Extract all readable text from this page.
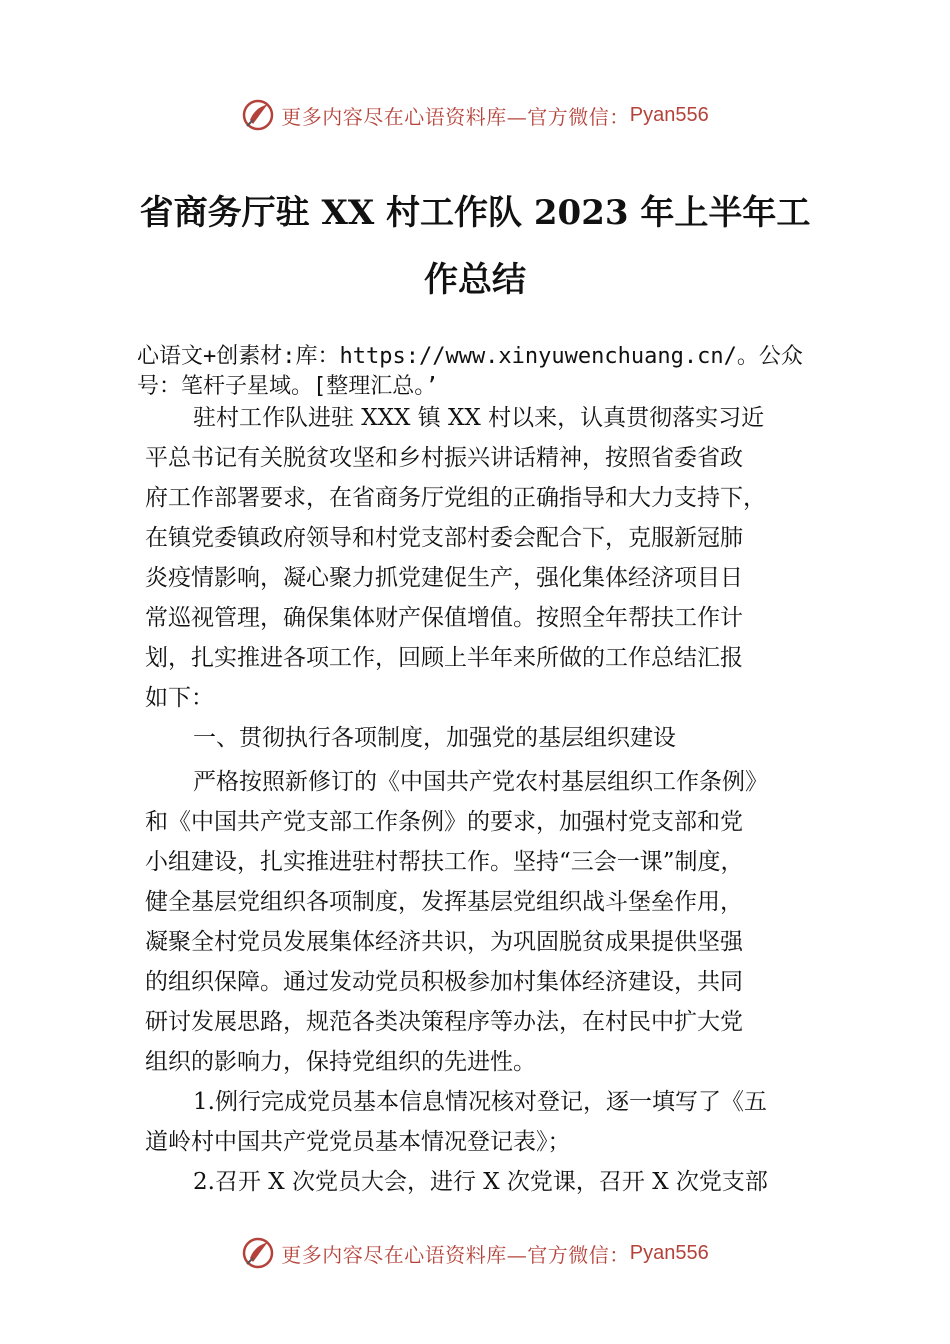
更多内容尽在心语资料库—官方微信： Pyan556
省商务厅驻 XX 村工作队 2023 年上半年工
作总结
心语文+创素材:库：https://www.xinyuwenchuang.cn/。公众
号：笔杆子星域。[整理汇总。’
驻村工作队进驻 XXX 镇 XX 村以来，认真贯彻落实习近
平总书记有关脱贫攻坚和乡村振兴讲话精神，按照省委省政
府工作部署要求，在省商务厅党组的正确指导和大力支持下，
在镇党委镇政府领导和村党支部村委会配合下，克服新冠肺
炎疫情影响，凝心聚力抓党建促生产，强化集体经济项目日
常巡视管理，确保集体财产保值增值。按照全年帮扶工作计
划，扎实推进各项工作，回顾上半年来所做的工作总结汇报
如下：
一、贯彻执行各项制度，加强党的基层组织建设
严格按照新修订的《中国共产党农村基层组织工作条例》
和《中国共产党支部工作条例》的要求，加强村党支部和党
小组建设，扎实推进驻村帮扶工作。坚持“三会一课”制度，
健全基层党组织各项制度，发挥基层党组织战斗堡垒作用，
凝聚全村党员发展集体经济共识，为巩固脱贫成果提供坚强
的组织保障。通过发动党员积极参加村集体经济建设，共同
研讨发展思路，规范各类决策程序等办法，在村民中扩大党
组织的影响力，保持党组织的先进性。
1.例行完成党员基本信息情况核对登记，逐一填写了《五
道岭村中国共产党党员基本情况登记表》；
2.召开 X 次党员大会，进行 X 次党课，召开 X 次党支部
更多内容尽在心语资料库—官方微信： Pyan556
